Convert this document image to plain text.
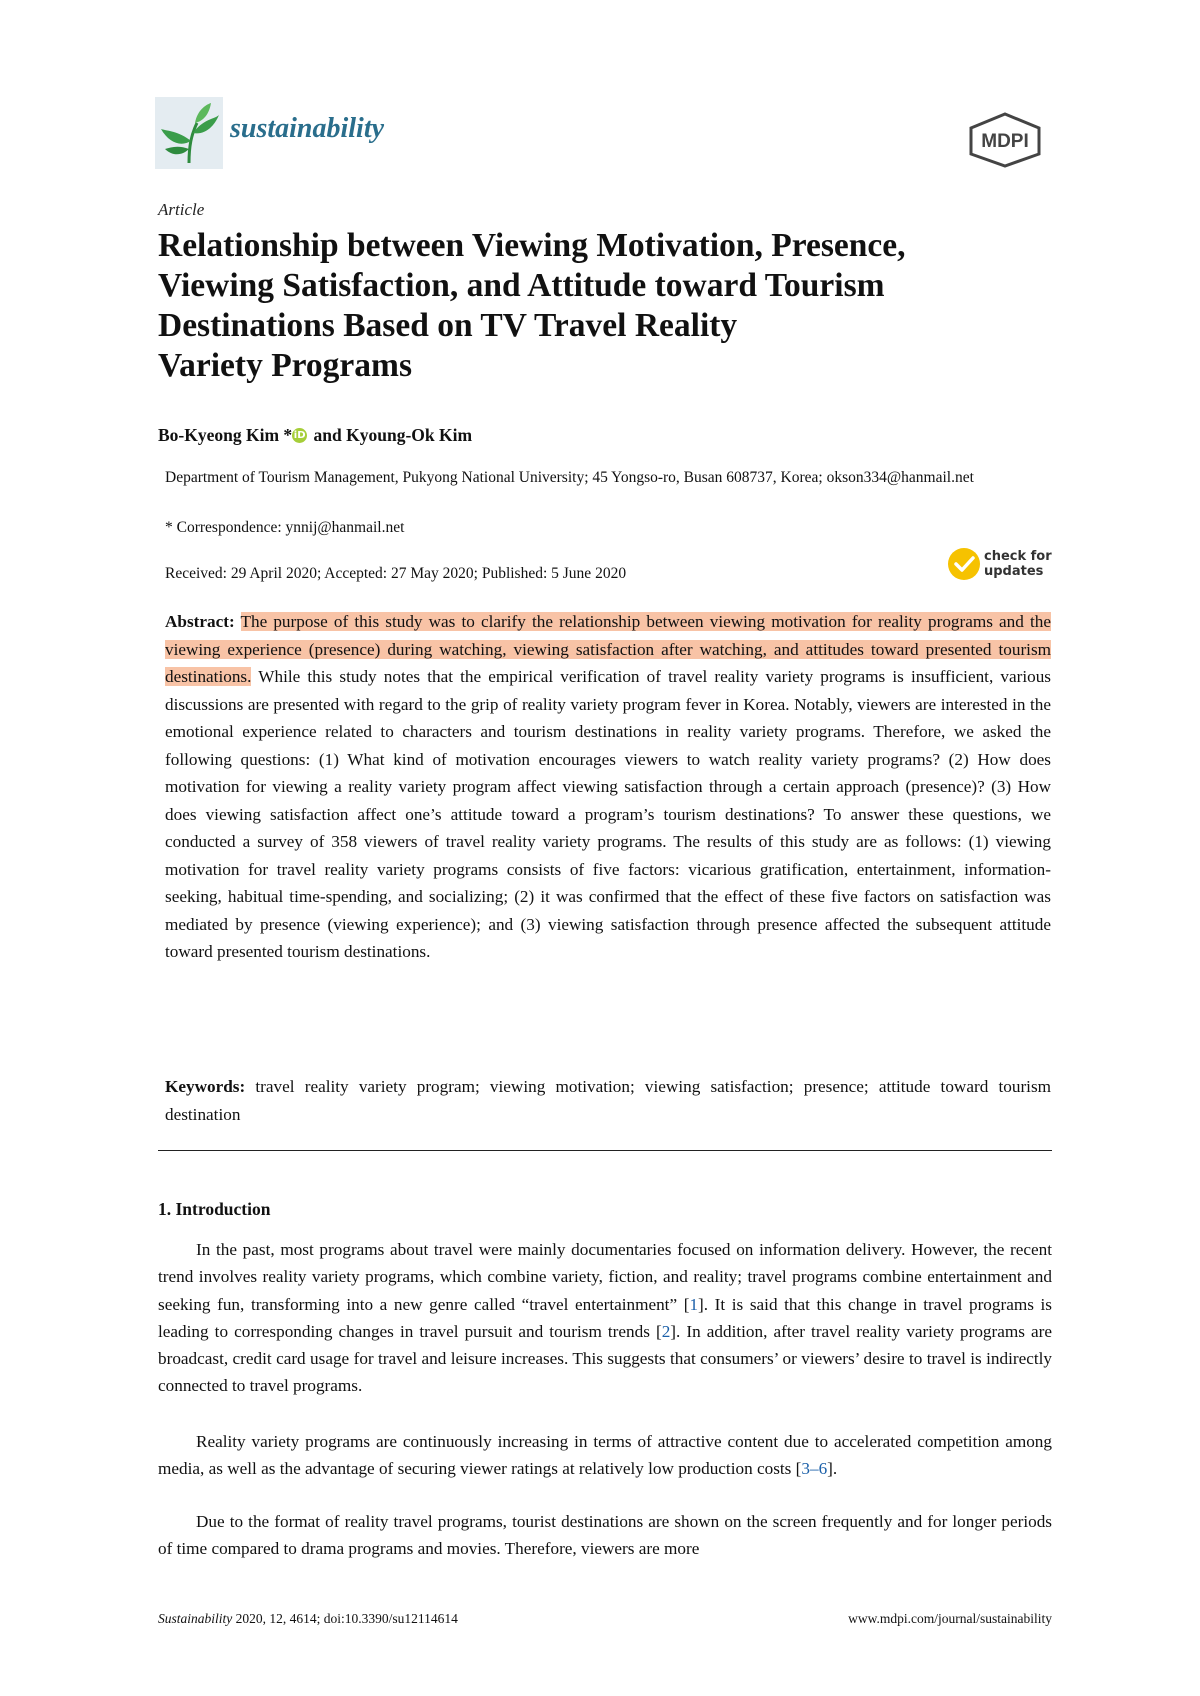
sustainability	MDPI
Article
Relationship between Viewing Motivation, Presence,
Viewing Satisfaction, and Attitude toward Tourism
Destinations Based on TV Travel Reality
Variety Programs
Bo-Kyeong Kim * iD and Kyoung-Ok Kim
Department of Tourism Management, Pukyong National University; 45 Yongso-ro, Busan 608737, Korea; okson334@hanmail.net
* Correspondence: ynnij@hanmail.net
Received: 29 April 2020; Accepted: 27 May 2020; Published: 5 June 2020
check for
updates
Abstract: The purpose of this study was to clarify the relationship between viewing motivation for reality programs and the viewing experience (presence) during watching, viewing satisfaction after watching, and attitudes toward presented tourism destinations. While this study notes that the empirical verification of travel reality variety programs is insufficient, various discussions are presented with regard to the grip of reality variety program fever in Korea. Notably, viewers are interested in the emotional experience related to characters and tourism destinations in reality variety programs. Therefore, we asked the following questions: (1) What kind of motivation encourages viewers to watch reality variety programs? (2) How does motivation for viewing a reality variety program affect viewing satisfaction through a certain approach (presence)? (3) How does viewing satisfaction affect one’s attitude toward a program’s tourism destinations? To answer these questions, we conducted a survey of 358 viewers of travel reality variety programs. The results of this study are as follows: (1) viewing motivation for travel reality variety programs consists of five factors: vicarious gratification, entertainment, information-seeking, habitual time-spending, and socializing; (2) it was confirmed that the effect of these five factors on satisfaction was mediated by presence (viewing experience); and (3) viewing satisfaction through presence affected the subsequent attitude toward presented tourism destinations.
Keywords: travel reality variety program; viewing motivation; viewing satisfaction; presence; attitude toward tourism destination
1. Introduction
In the past, most programs about travel were mainly documentaries focused on information delivery. However, the recent trend involves reality variety programs, which combine variety, fiction, and reality; travel programs combine entertainment and seeking fun, transforming into a new genre called “travel entertainment” [1]. It is said that this change in travel programs is leading to corresponding changes in travel pursuit and tourism trends [2]. In addition, after travel reality variety programs are broadcast, credit card usage for travel and leisure increases. This suggests that consumers’ or viewers’ desire to travel is indirectly connected to travel programs.
Reality variety programs are continuously increasing in terms of attractive content due to accelerated competition among media, as well as the advantage of securing viewer ratings at relatively low production costs [3–6].
Due to the format of reality travel programs, tourist destinations are shown on the screen frequently and for longer periods of time compared to drama programs and movies. Therefore, viewers are more
Sustainability 2020, 12, 4614; doi:10.3390/su12114614	www.mdpi.com/journal/sustainability
